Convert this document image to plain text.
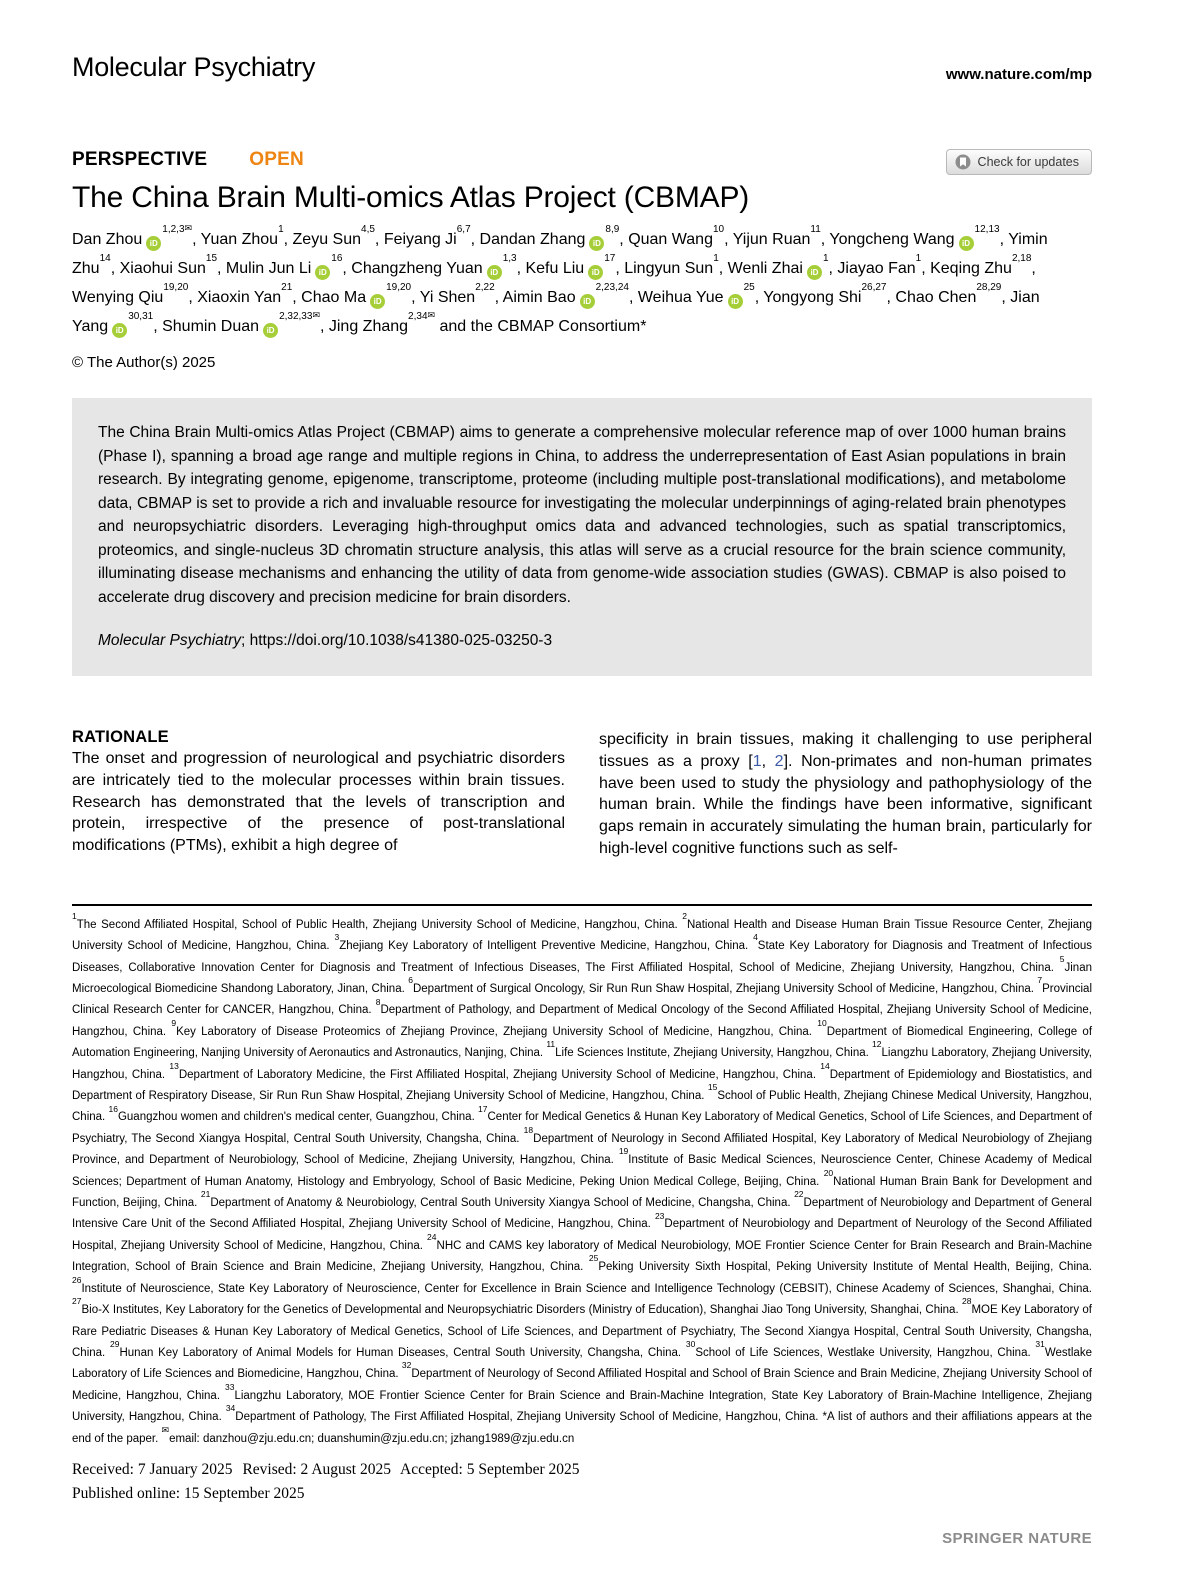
Molecular Psychiatry	www.nature.com/mp
PERSPECTIVE OPEN	Check for updates
The China Brain Multi-omics Atlas Project (CBMAP)
Dan Zhou $iD^{1,2,3✉}$, Yuan Zhou$^1$, Zeyu Sun$^{4,5}$, Feiyang Ji$^{6,7}$, Dandan Zhang iD$^{8,9}$, Quan Wang$^{10}$, Yijun Ruan$^{11}$, Yongcheng Wang iD$^{12,13}$, Yimin Zhu$^{14}$, Xiaohui Sun$^{15}$, Mulin Jun Li $iD^{16}$, Changzheng Yuan iD$^{1,3}$, Kefu Liu $iD^{17}$, Lingyun Sun$^1$, Wenli Zhai $iD^1$, Jiayao Fan$^1$, Keqing Zhu$^{2,18}$, Wenying Qiu$^{19,20}$, Xiaoxin Yan$^{21}$, Chao Ma iD$^{19,20}$, Yi Shen$^{2,22}$, Aimin Bao iD$^{2,23,24}$, Weihua Yue $iD^{25}$, Yongyong Shi$^{26,27}$, Chao Chen$^{28,29}$, Jian Yang iD$^{30,31}$, Shumin Duan $iD^{2,32,33✉}$, Jing Zhang$^{2,34✉}$ and the CBMAP Consortium*
© The Author(s) 2025

The China Brain Multi-omics Atlas Project (CBMAP) aims to generate a comprehensive molecular reference map of over 1000 human brains (Phase I), spanning a broad age range and multiple regions in China, to address the underrepresentation of East Asian populations in brain research. By integrating genome, epigenome, transcriptome, proteome (including multiple post-translational modifications), and metabolome data, CBMAP is set to provide a rich and invaluable resource for investigating the molecular underpinnings of aging-related brain phenotypes and neuropsychiatric disorders. Leveraging high-throughput omics data and advanced technologies, such as spatial transcriptomics, proteomics, and single-nucleus 3D chromatin structure analysis, this atlas will serve as a crucial resource for the brain science community, illuminating disease mechanisms and enhancing the utility of data from genome-wide association studies (GWAS). CBMAP is also poised to accelerate drug discovery and precision medicine for brain disorders.

Molecular Psychiatry; https://doi.org/10.1038/s41380-025-03250-3

RATIONALE

The onset and progression of neurological and psychiatric disorders are intricately tied to the molecular processes within brain tissues. Research has demonstrated that the levels of transcription and protein, irrespective of the presence of post-translational modifications (PTMs), exhibit a high degree of

specificity in brain tissues, making it challenging to use peripheral tissues as a proxy [1, 2]. Non-primates and non-human primates have been used to study the physiology and pathophysiology of the human brain. While the findings have been informative, significant gaps remain in accurately simulating the human brain, particularly for high-level cognitive functions such as self-

$^1$The Second Affiliated Hospital, School of Public Health, Zhejiang University School of Medicine, Hangzhou, China. $^2$National Health and Disease Human Brain Tissue Resource Center, Zhejiang University School of Medicine, Hangzhou, China. $^3$Zhejiang Key Laboratory of Intelligent Preventive Medicine, Hangzhou, China. $^4$State Key Laboratory for Diagnosis and Treatment of Infectious Diseases, Collaborative Innovation Center for Diagnosis and Treatment of Infectious Diseases, The First Affiliated Hospital, School of Medicine, Zhejiang University, Hangzhou, China. $^5$Jinan Microecological Biomedicine Shandong Laboratory, Jinan, China. $^6$Department of Surgical Oncology, Sir Run Run Shaw Hospital, Zhejiang University School of Medicine, Hangzhou, China. $^7$Provincial Clinical Research Center for CANCER, Hangzhou, China. $^8$Department of Pathology, and Department of Medical Oncology of the Second Affiliated Hospital, Zhejiang University School of Medicine, Hangzhou, China. $^9$Key Laboratory of Disease Proteomics of Zhejiang Province, Zhejiang University School of Medicine, Hangzhou, China. $^{10}$Department of Biomedical Engineering, College of Automation Engineering, Nanjing University of Aeronautics and Astronautics, Nanjing, China. $^{11}$Life Sciences Institute, Zhejiang University, Hangzhou, China. $^{12}$Liangzhu Laboratory, Zhejiang University, Hangzhou, China. $^{13}$Department of Laboratory Medicine, the First Affiliated Hospital, Zhejiang University School of Medicine, Hangzhou, China. $^{14}$Department of Epidemiology and Biostatistics, and Department of Respiratory Disease, Sir Run Run Shaw Hospital, Zhejiang University School of Medicine, Hangzhou, China. $^{15}$School of Public Health, Zhejiang Chinese Medical University, Hangzhou, China. $^{16}$Guangzhou women and children's medical center, Guangzhou, China. $^{17}$Center for Medical Genetics & Hunan Key Laboratory of Medical Genetics, School of Life Sciences, and Department of Psychiatry, The Second Xiangya Hospital, Central South University, Changsha, China. $^{18}$Department of Neurology in Second Affiliated Hospital, Key Laboratory of Medical Neurobiology of Zhejiang Province, and Department of Neurobiology, School of Medicine, Zhejiang University, Hangzhou, China. $^{19}$Institute of Basic Medical Sciences, Neuroscience Center, Chinese Academy of Medical Sciences; Department of Human Anatomy, Histology and Embryology, School of Basic Medicine, Peking Union Medical College, Beijing, China. $^{20}$National Human Brain Bank for Development and Function, Beijing, China. $^{21}$Department of Anatomy & Neurobiology, Central South University Xiangya School of Medicine, Changsha, China. $^{22}$Department of Neurobiology and Department of General Intensive Care Unit of the Second Affiliated Hospital, Zhejiang University School of Medicine, Hangzhou, China. $^{23}$Department of Neurobiology and Department of Neurology of the Second Affiliated Hospital, Zhejiang University School of Medicine, Hangzhou, China. $^{24}$NHC and CAMS key laboratory of Medical Neurobiology, MOE Frontier Science Center for Brain Research and Brain-Machine Integration, School of Brain Science and Brain Medicine, Zhejiang University, Hangzhou, China. $^{25}$Peking University Sixth Hospital, Peking University Institute of Mental Health, Beijing, China. $^{26}$Institute of Neuroscience, State Key Laboratory of Neuroscience, Center for Excellence in Brain Science and Intelligence Technology (CEBSIT), Chinese Academy of Sciences, Shanghai, China. $^{27}$Bio-X Institutes, Key Laboratory for the Genetics of Developmental and Neuropsychiatric Disorders (Ministry of Education), Shanghai Jiao Tong University, Shanghai, China. $^{28}$MOE Key Laboratory of Rare Pediatric Diseases & Hunan Key Laboratory of Medical Genetics, School of Life Sciences, and Department of Psychiatry, The Second Xiangya Hospital, Central South University, Changsha, China. $^{29}$Hunan Key Laboratory of Animal Models for Human Diseases, Central South University, Changsha, China. $^{30}$School of Life Sciences, Westlake University, Hangzhou, China. $^{31}$Westlake Laboratory of Life Sciences and Biomedicine, Hangzhou, China. $^{32}$Department of Neurology of Second Affiliated Hospital and School of Brain Science and Brain Medicine, Zhejiang University School of Medicine, Hangzhou, China. $^{33}$Liangzhu Laboratory, MOE Frontier Science Center for Brain Science and Brain-Machine Integration, State Key Laboratory of Brain-Machine Intelligence, Zhejiang University, Hangzhou, China. $^{34}$Department of Pathology, The First Affiliated Hospital, Zhejiang University School of Medicine, Hangzhou, China. *A list of authors and their affiliations appears at the end of the paper. ✉email: danzhou@zju.edu.cn; duanshumin@zju.edu.cn; jzhang1989@zju.edu.cn
Received: 7 January 2025 Revised: 2 August 2025 Accepted: 5 September 2025
Published online: 15 September 2025
SPRINGER NATURE
